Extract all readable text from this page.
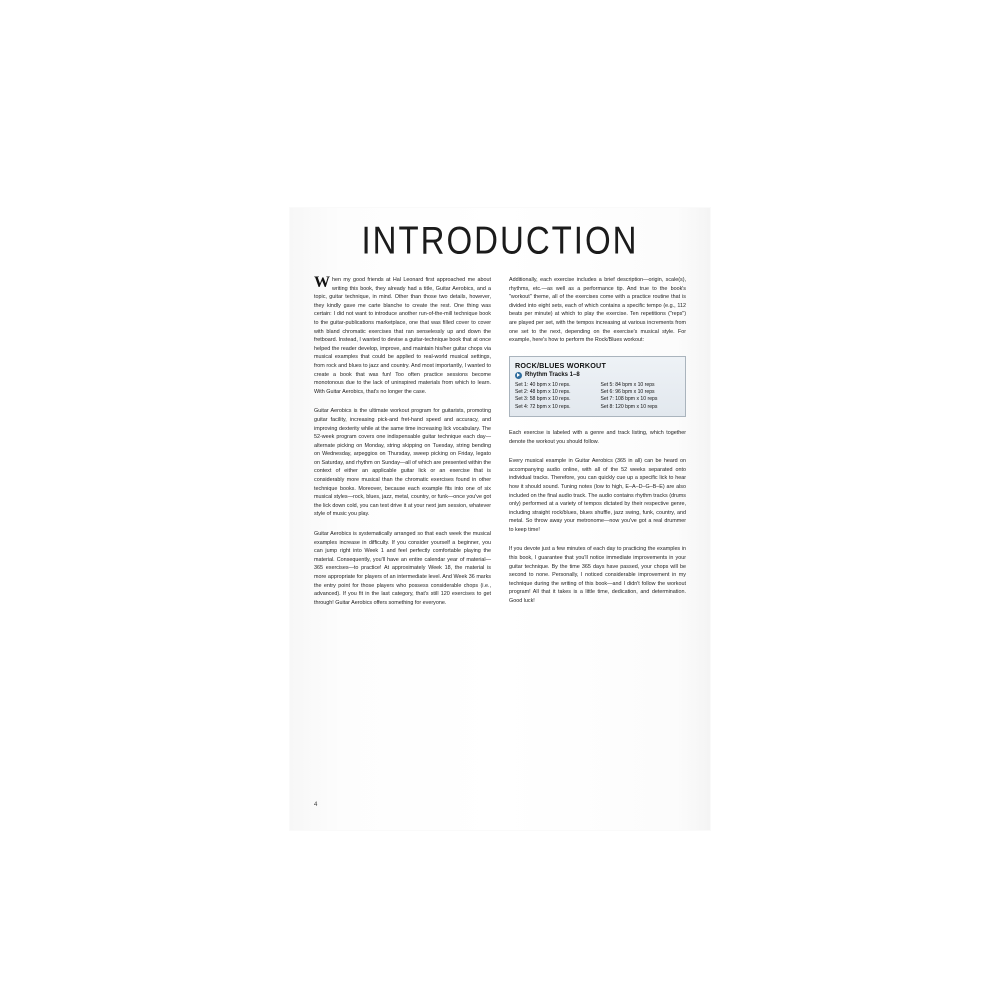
INTRODUCTION

When my good friends at Hal Leonard first approached me about writing this book, they already had a title, Guitar Aerobics, and a topic, guitar technique, in mind. Other than those two details, however, they kindly gave me carte blanche to create the rest. One thing was certain: I did not want to introduce another run-of-the-mill technique book to the guitar-publications marketplace, one that was filled cover to cover with bland chromatic exercises that ran senselessly up and down the fretboard. Instead, I wanted to devise a guitar-technique book that at once helped the reader develop, improve, and maintain his/her guitar chops via musical examples that could be applied to real-world musical settings, from rock and blues to jazz and country. And most importantly, I wanted to create a book that was fun! Too often practice sessions become monotonous due to the lack of uninspired materials from which to learn. With Guitar Aerobics, that's no longer the case.

Guitar Aerobics is the ultimate workout program for guitarists, promoting guitar facility, increasing pick-and fret-hand speed and accuracy, and improving dexterity while at the same time increasing lick vocabulary. The 52-week program covers one indispensable guitar technique each day—alternate picking on Monday, string skipping on Tuesday, string bending on Wednesday, arpeggios on Thursday, sweep picking on Friday, legato on Saturday, and rhythm on Sunday—all of which are presented within the context of either an applicable guitar lick or an exercise that is considerably more musical than the chromatic exercises found in other technique books. Moreover, because each example fits into one of six musical styles—rock, blues, jazz, metal, country, or funk—once you've got the lick down cold, you can test drive it at your next jam session, whatever style of music you play.

Guitar Aerobics is systematically arranged so that each week the musical examples increase in difficulty. If you consider yourself a beginner, you can jump right into Week 1 and feel perfectly comfortable playing the material. Consequently, you'll have an entire calendar year of material—365 exercises—to practice! At approximately Week 18, the material is more appropriate for players of an intermediate level. And Week 36 marks the entry point for those players who possess considerable chops (i.e., advanced). If you fit in the last category, that's still 120 exercises to get through! Guitar Aerobics offers something for everyone.

Additionally, each exercise includes a brief description—origin, scale(s), rhythms, etc.—as well as a performance tip. And true to the book's "workout" theme, all of the exercises come with a practice routine that is divided into eight sets, each of which contains a specific tempo (e.g., 112 beats per minute) at which to play the exercise. Ten repetitions ("reps") are played per set, with the tempos increasing at various increments from one set to the next, depending on the exercise's musical style. For example, here's how to perform the Rock/Blues workout:

ROCK/BLUES WORKOUT
Rhythm Tracks 1–8
Set 1: 40 bpm x 10 reps.
Set 2: 48 bpm x 10 reps.
Set 3: 58 bpm x 10 reps.
Set 4: 72 bpm x 10 reps.
Set 5: 84 bpm x 10 reps
Set 6: 96 bpm x 10 reps
Set 7: 108 bpm x 10 reps
Set 8: 120 bpm x 10 reps

Each exercise is labeled with a genre and track listing, which together denote the workout you should follow.

Every musical example in Guitar Aerobics (365 in all) can be heard on accompanying audio online, with all of the 52 weeks separated onto individual tracks. Therefore, you can quickly cue up a specific lick to hear how it should sound. Tuning notes (low to high, E–A–D–G–B–E) are also included on the final audio track. The audio contains rhythm tracks (drums only) performed at a variety of tempos dictated by their respective genre, including straight rock/blues, blues shuffle, jazz swing, funk, country, and metal. So throw away your metronome—now you've got a real drummer to keep time!

If you devote just a few minutes of each day to practicing the examples in this book, I guarantee that you'll notice immediate improvements in your guitar technique. By the time 365 days have passed, your chops will be second to none. Personally, I noticed considerable improvement in my technique during the writing of this book—and I didn't follow the workout program! All that it takes is a little time, dedication, and determination. Good luck!

4
